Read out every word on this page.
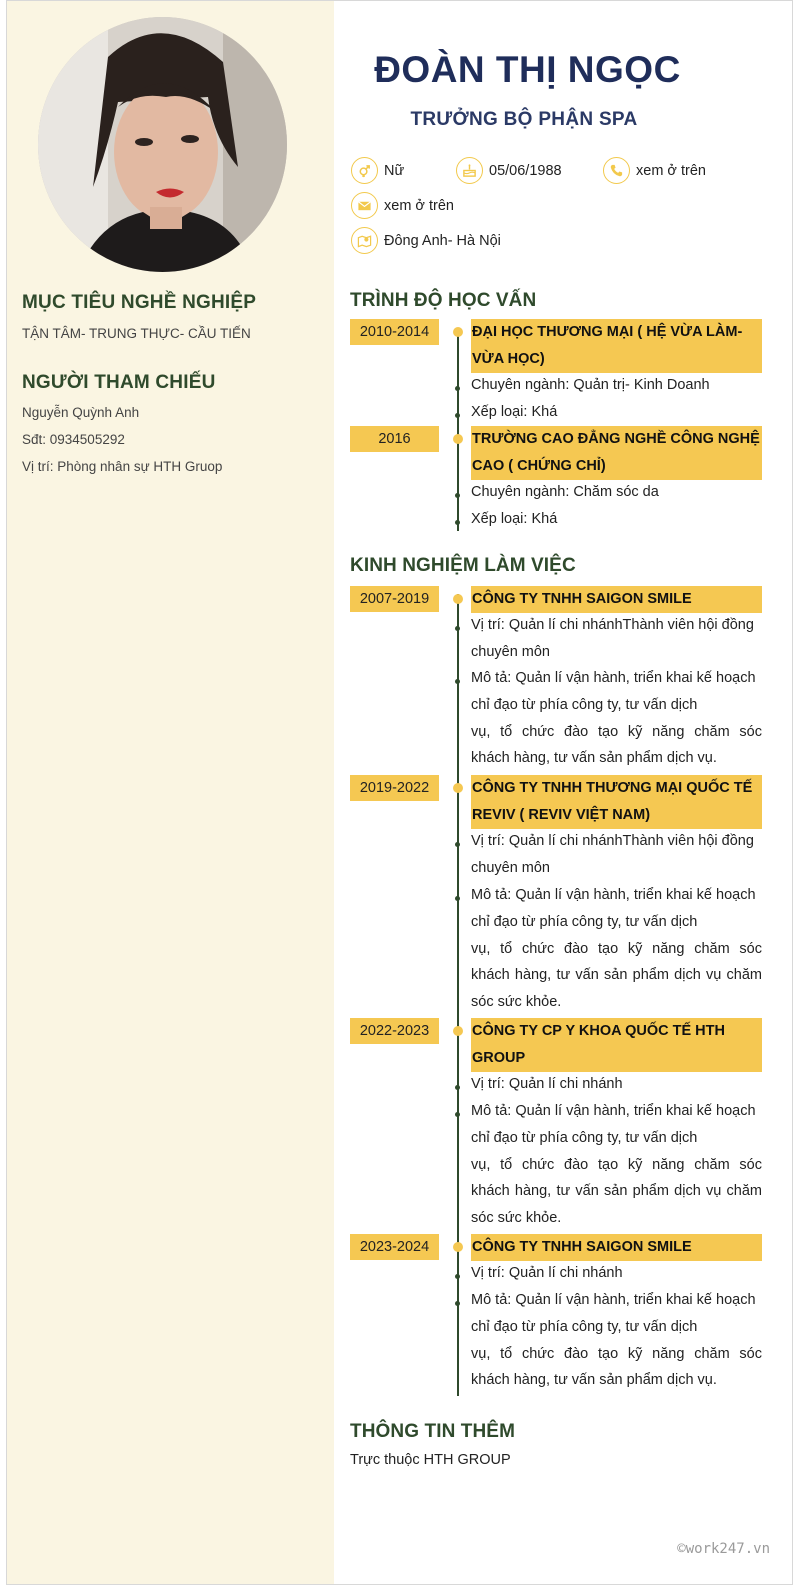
MỤC TIÊU NGHỀ NGHIỆP
TẬN TÂM- TRUNG THỰC- CẦU TIẾN
NGƯỜI THAM CHIẾU
Nguyễn Quỳnh Anh
Sđt: 0934505292
Vị trí: Phòng nhân sự HTH Gruop
ĐOÀN THỊ NGỌC
TRƯỞNG BỘ PHẬN SPA
Nữ	05/06/1988	xem ở trên
xem ở trên
Đông Anh- Hà Nội
TRÌNH ĐỘ HỌC VẤN
2010-2014	ĐẠI HỌC THƯƠNG MẠI ( HỆ VỪA LÀM-
VỪA HỌC)
Chuyên ngành: Quản trị- Kinh Doanh
Xếp loại: Khá
2016	TRƯỜNG CAO ĐẲNG NGHỀ CÔNG NGHỆ
CAO ( CHỨNG CHỈ)
Chuyên ngành: Chăm sóc da
Xếp loại: Khá
KINH NGHIỆM LÀM VIỆC
2007-2019	CÔNG TY TNHH SAIGON SMILE
Vị trí: Quản lí chi nhánhThành viên hội đồng
chuyên môn
Mô tả: Quản lí vận hành, triển khai kế hoạch
chỉ đạo từ phía công ty, tư vấn dịch
vụ, tổ chức đào tạo kỹ năng chăm sóc
khách hàng, tư vấn sản phẩm dịch vụ.
2019-2022	CÔNG TY TNHH THƯƠNG MẠI QUỐC TẾ
REVIV ( REVIV VIỆT NAM)
Vị trí: Quản lí chi nhánhThành viên hội đồng
chuyên môn
Mô tả: Quản lí vận hành, triển khai kế hoạch
chỉ đạo từ phía công ty, tư vấn dịch
vụ, tổ chức đào tạo kỹ năng chăm sóc
khách hàng, tư vấn sản phẩm dịch vụ chăm
sóc sức khỏe.
2022-2023	CÔNG TY CP Y KHOA QUỐC TẾ HTH
GROUP
Vị trí: Quản lí chi nhánh
Mô tả: Quản lí vận hành, triển khai kế hoạch
chỉ đạo từ phía công ty, tư vấn dịch
vụ, tổ chức đào tạo kỹ năng chăm sóc
khách hàng, tư vấn sản phẩm dịch vụ chăm
sóc sức khỏe.
2023-2024	CÔNG TY TNHH SAIGON SMILE
Vị trí: Quản lí chi nhánh
Mô tả: Quản lí vận hành, triển khai kế hoạch
chỉ đạo từ phía công ty, tư vấn dịch
vụ, tổ chức đào tạo kỹ năng chăm sóc
khách hàng, tư vấn sản phẩm dịch vụ.
THÔNG TIN THÊM
Trực thuộc HTH GROUP
©work247.vn
